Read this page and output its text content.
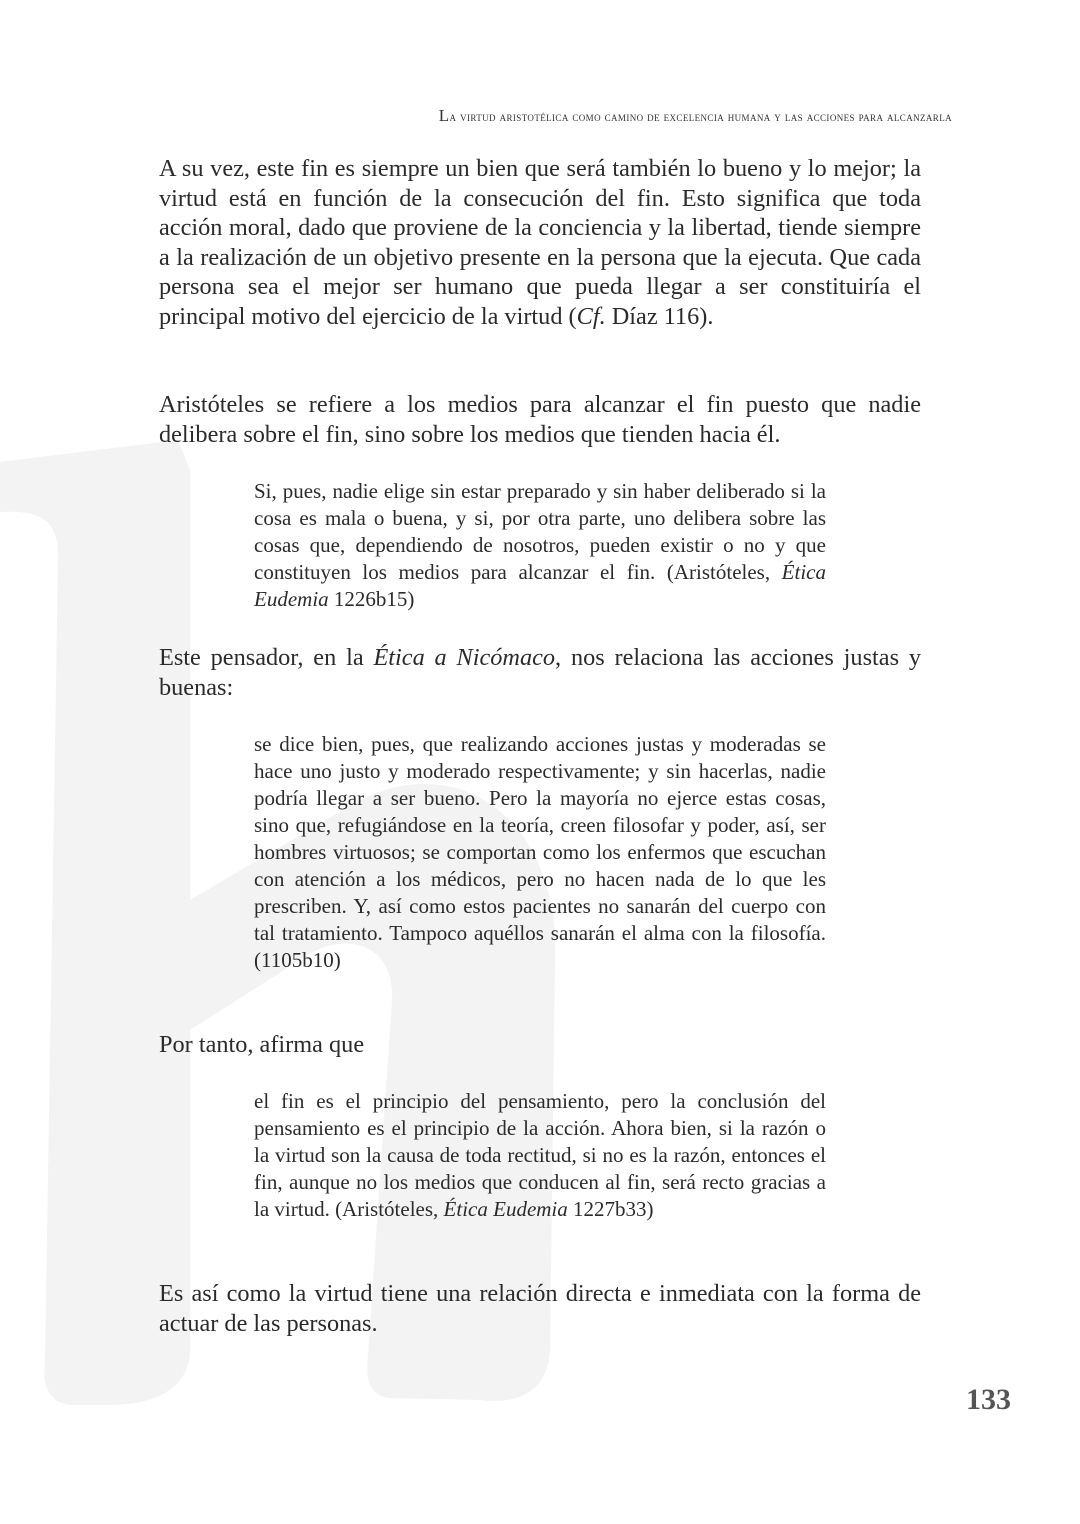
La virtud aristotélica como camino de excelencia humana y las acciones para alcanzarla

A su vez, este fin es siempre un bien que será también lo bueno y lo mejor; la virtud está en función de la consecución del fin. Esto significa que toda acción moral, dado que proviene de la conciencia y la libertad, tiende siempre a la realización de un objetivo presente en la persona que la ejecuta. Que cada persona sea el mejor ser humano que pueda llegar a ser constituiría el principal motivo del ejercicio de la virtud (Cf. Díaz 116).

Aristóteles se refiere a los medios para alcanzar el fin puesto que nadie delibera sobre el fin, sino sobre los medios que tienden hacia él.

Si, pues, nadie elige sin estar preparado y sin haber deliberado si la cosa es mala o buena, y si, por otra parte, uno delibera sobre las cosas que, dependiendo de nosotros, pueden existir o no y que constituyen los medios para alcanzar el fin. (Aristóteles, Ética Eudemia 1226b15)

Este pensador, en la Ética a Nicómaco, nos relaciona las acciones justas y buenas:

se dice bien, pues, que realizando acciones justas y moderadas se hace uno justo y moderado respectivamente; y sin hacerlas, nadie podría llegar a ser bueno. Pero la mayoría no ejerce estas cosas, sino que, refugiándose en la teoría, creen filosofar y poder, así, ser hombres virtuosos; se comportan como los enfermos que escuchan con atención a los médicos, pero no hacen nada de lo que les prescriben. Y, así como estos pacientes no sanarán del cuerpo con tal tratamiento. Tampoco aquéllos sanarán el alma con la filosofía. (1105b10)

Por tanto, afirma que

el fin es el principio del pensamiento, pero la conclusión del pensamiento es el principio de la acción. Ahora bien, si la razón o la virtud son la causa de toda rectitud, si no es la razón, entonces el fin, aunque no los medios que conducen al fin, será recto gracias a la virtud. (Aristóteles, Ética Eudemia 1227b33)

Es así como la virtud tiene una relación directa e inmediata con la forma de actuar de las personas.

133
